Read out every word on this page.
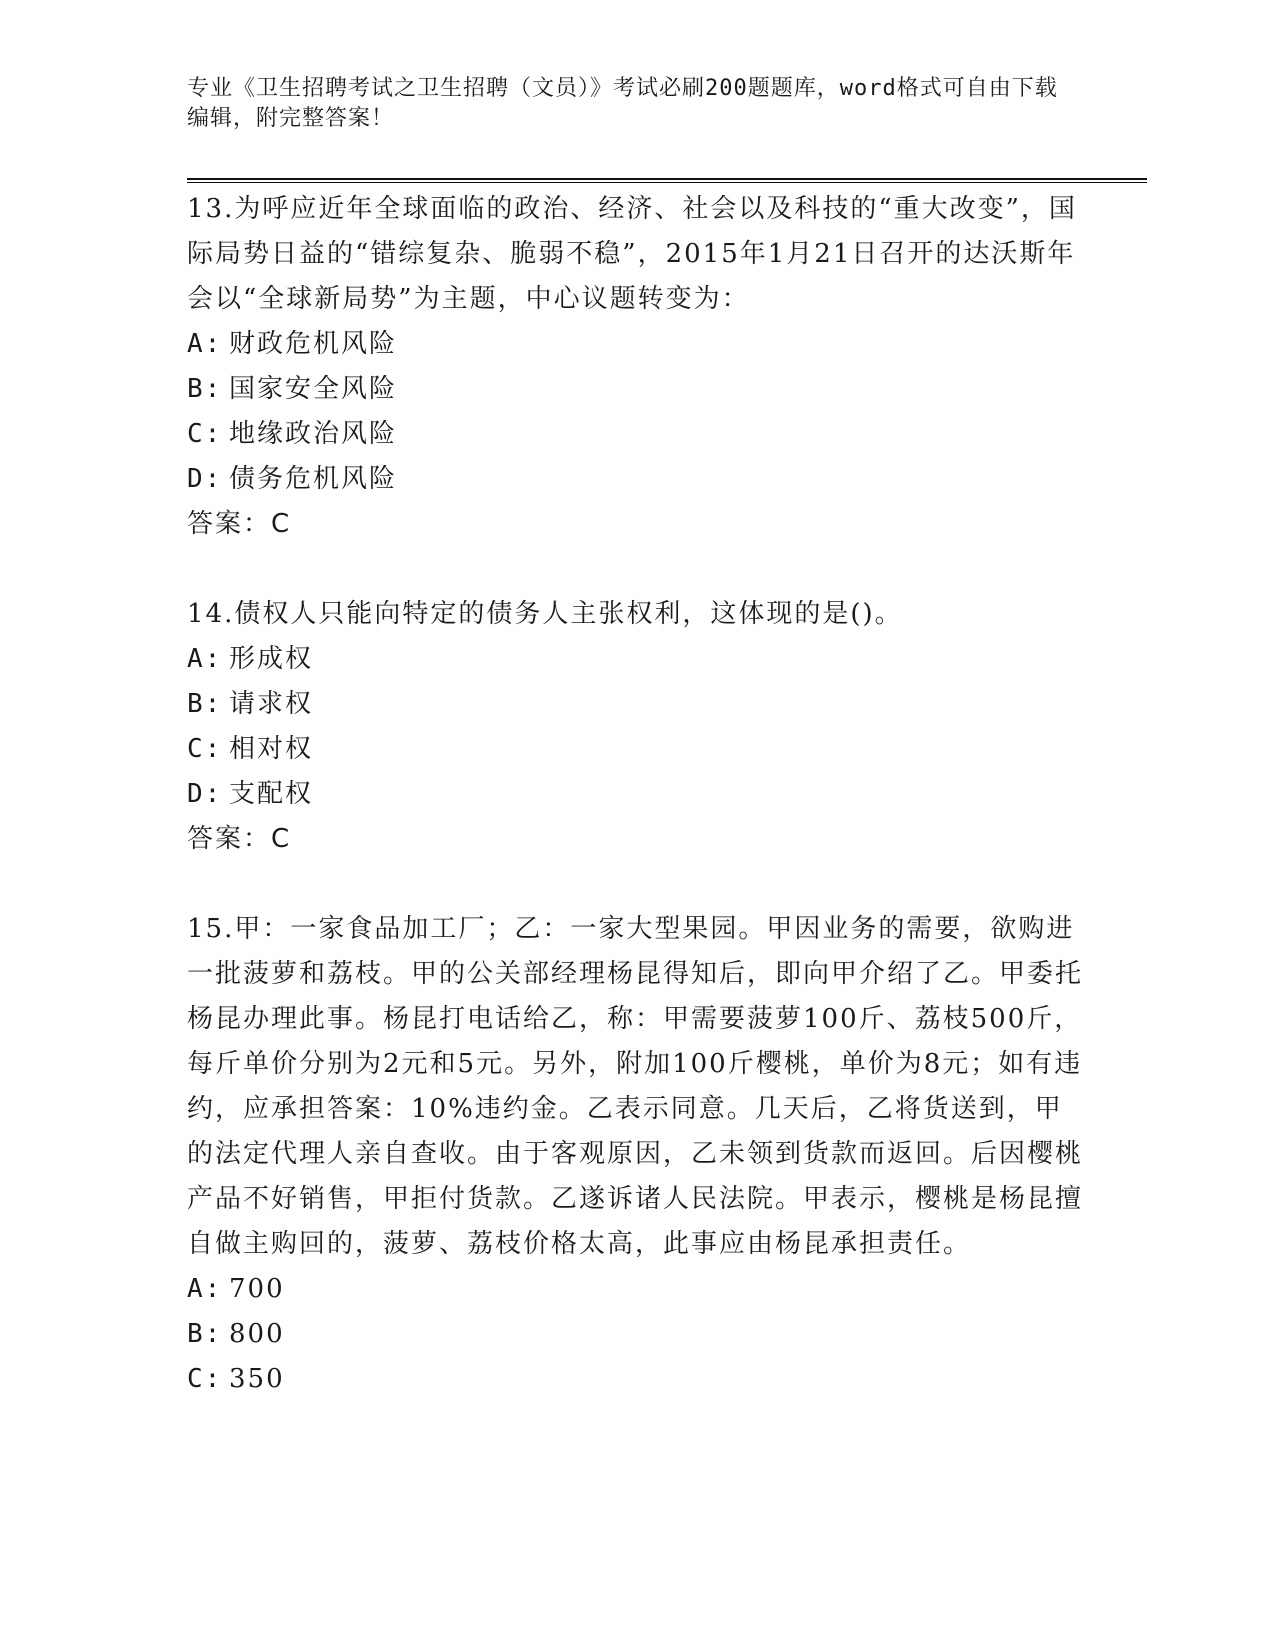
专业《卫生招聘考试之卫生招聘（文员）》考试必刷200题题库，word格式可自由下载编辑，附完整答案！

13.为呼应近年全球面临的政治、经济、社会以及科技的“重大改变”，国际局势日益的“错综复杂、脆弱不稳”，2015年1月21日召开的达沃斯年会以“全球新局势”为主题，中心议题转变为：

A: 财政危机风险
B: 国家安全风险
C: 地缘政治风险
D: 债务危机风险

答案：C

14.债权人只能向特定的债务人主张权利，这体现的是()。

A: 形成权
B: 请求权
C: 相对权
D: 支配权

答案：C

15.甲：一家食品加工厂；乙：一家大型果园。甲因业务的需要，欲购进一批菠萝和荔枝。甲的公关部经理杨昆得知后，即向甲介绍了乙。甲委托杨昆办理此事。杨昆打电话给乙，称：甲需要菠萝100斤、荔枝500斤，每斤单价分别为2元和5元。另外，附加100斤樱桃，单价为8元；如有违约，应承担答案：10%违约金。乙表示同意。几天后，乙将货送到，甲的法定代理人亲自查收。由于客观原因，乙未领到货款而返回。后因樱桃产品不好销售，甲拒付货款。乙遂诉诸人民法院。甲表示，樱桃是杨昆擅自做主购回的，菠萝、荔枝价格太高，此事应由杨昆承担责任。

A: 700
B: 800
C: 350
